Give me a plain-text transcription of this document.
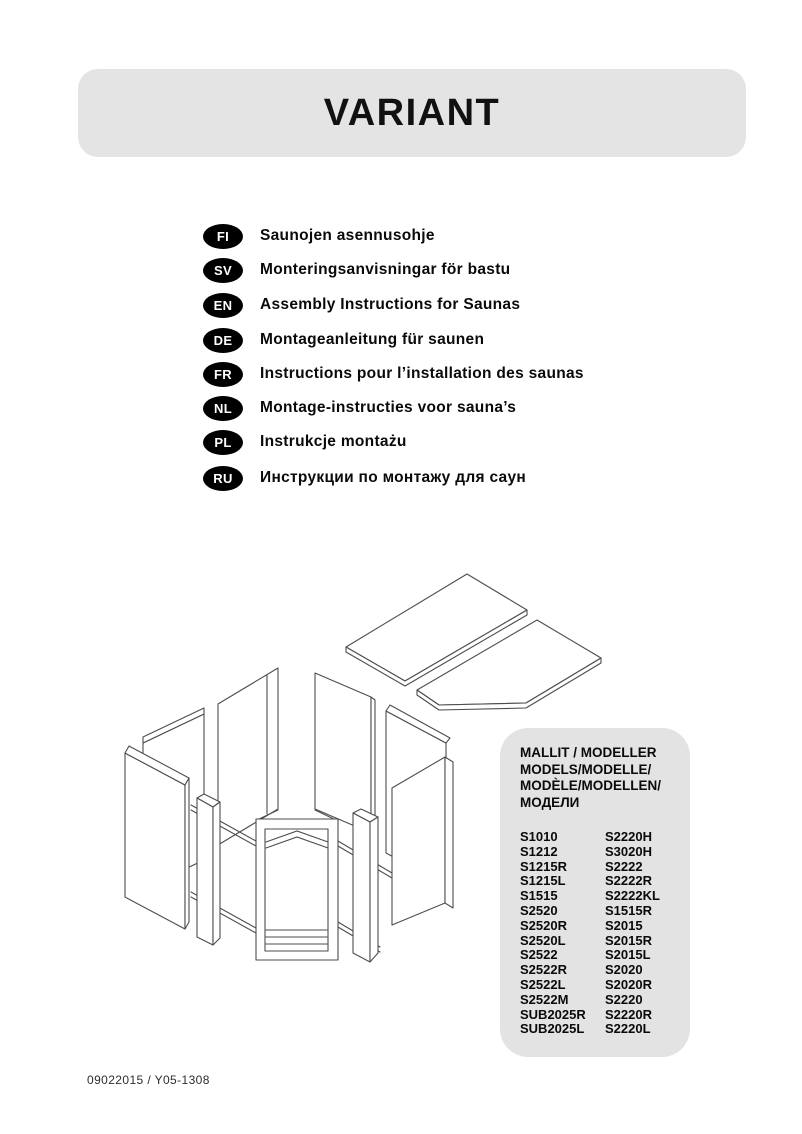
VARIANT
FI Saunojen asennusohje
SV Monteringsanvisningar för bastu
EN Assembly Instructions for Saunas
DE Montageanleitung für saunen
FR Instructions pour l’installation des saunas
NL Montage-instructies voor sauna’s
PL Instrukcje montażu
RU Инструкции по монтажу для саун
MALLIT / MODELLER
MODELS/MODELLE/
MODÈLE/MODELLEN/
МОДЕЛИ
S1010	S2220H
S1212	S3020H
S1215R	S2222
S1215L	S2222R
S1515	S2222KL
S2520	S1515R
S2520R	S2015
S2520L	S2015R
S2522	S2015L
S2522R	S2020
S2522L	S2020R
S2522M	S2220
SUB2025R	S2220R
SUB2025L	S2220L
09022015 / Y05-1308
